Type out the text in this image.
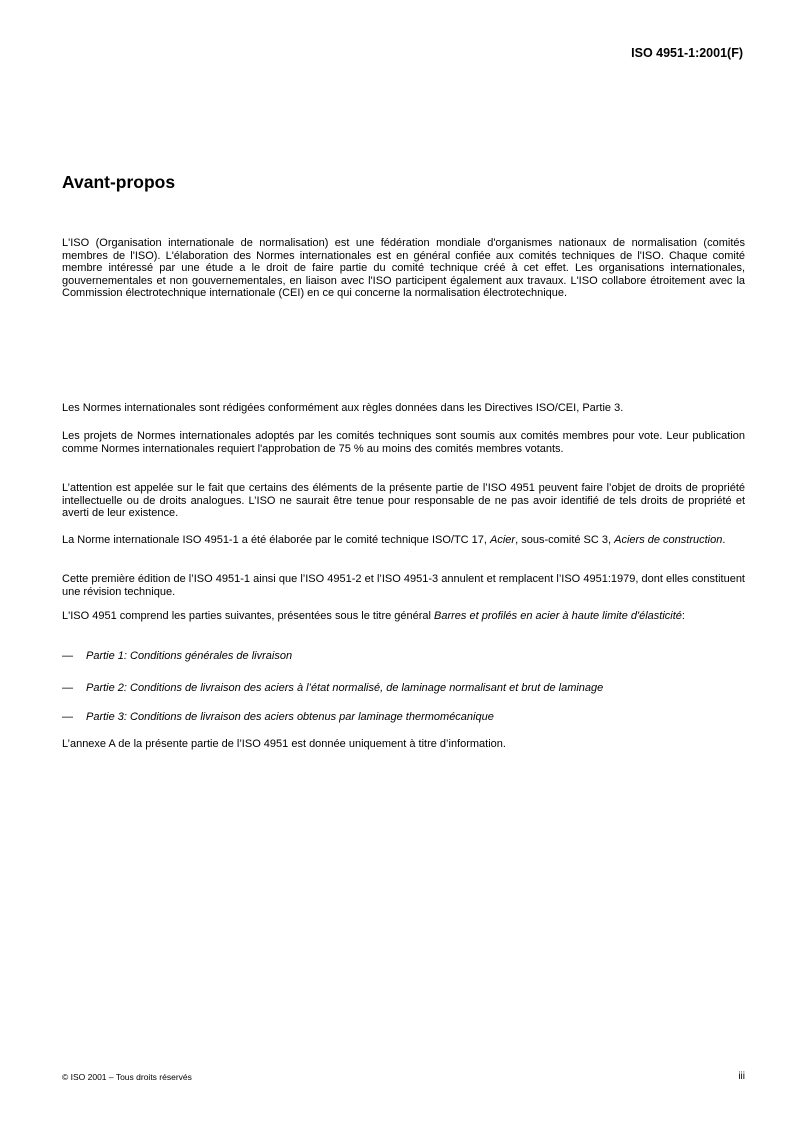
ISO 4951-1:2001(F)
Avant-propos

L'ISO (Organisation internationale de normalisation) est une fédération mondiale d'organismes nationaux de normalisation (comités membres de l'ISO). L'élaboration des Normes internationales est en général confiée aux comités techniques de l'ISO. Chaque comité membre intéressé par une étude a le droit de faire partie du comité technique créé à cet effet. Les organisations internationales, gouvernementales et non gouvernementales, en liaison avec l'ISO participent également aux travaux. L'ISO collabore étroitement avec la Commission électrotechnique internationale (CEI) en ce qui concerne la normalisation électrotechnique.

Les Normes internationales sont rédigées conformément aux règles données dans les Directives ISO/CEI, Partie 3.

Les projets de Normes internationales adoptés par les comités techniques sont soumis aux comités membres pour vote. Leur publication comme Normes internationales requiert l'approbation de 75 % au moins des comités membres votants.

L’attention est appelée sur le fait que certains des éléments de la présente partie de l’ISO 4951 peuvent faire l’objet de droits de propriété intellectuelle ou de droits analogues. L’ISO ne saurait être tenue pour responsable de ne pas avoir identifié de tels droits de propriété et averti de leur existence.

La Norme internationale ISO 4951-1 a été élaborée par le comité technique ISO/TC 17, Acier, sous-comité SC 3, Aciers de construction.

Cette première édition de l’ISO 4951-1 ainsi que l’ISO 4951-2 et l’ISO 4951-3 annulent et remplacent l’ISO 4951:1979, dont elles constituent une révision technique.

L'ISO 4951 comprend les parties suivantes, présentées sous le titre général Barres et profilés en acier à haute limite d'élasticité:

— Partie 1: Conditions générales de livraison

— Partie 2: Conditions de livraison des aciers à l’état normalisé, de laminage normalisant et brut de laminage

— Partie 3: Conditions de livraison des aciers obtenus par laminage thermomécanique

L’annexe A de la présente partie de l’ISO 4951 est donnée uniquement à titre d’information.

© ISO 2001 – Tous droits réservés	iii
